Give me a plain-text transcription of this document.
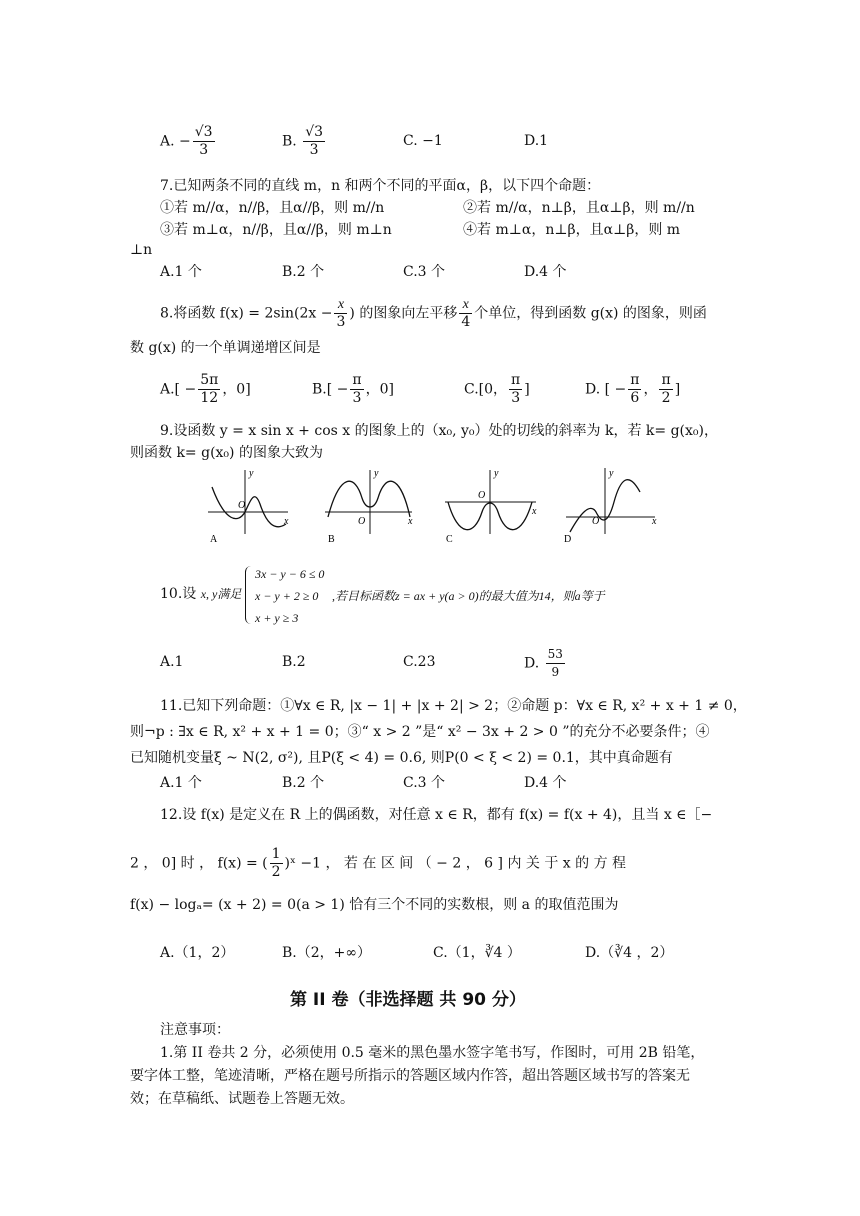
A. − $\frac{√3}{3}$	B. $\frac{√3}{3}$	C. −1	D.1
7.已知两条不同的直线 m，n 和两个不同的平面α，β，以下四个命题：
①若 m//α，n//β，且α//β，则 m//n	②若 m//α，n⊥β，且α⊥β，则 m//n
③若 m⊥α，n//β，且α//β，则 m⊥n	④若 m⊥α，n⊥β，且α⊥β，则 m
⊥n
A.1 个	B.2 个	C.3 个	D.4 个
8.将函数 $f(x) = 2\sin(2x - \frac{x}{3}$ ) 的图象向左平移 $\frac{x}{4}$ 个单位，得到函数 g(x) 的图象，则函
数 g(x) 的一个单调递增区间是
$A.[ - \frac{5\pi}{12}$ ，0]	$B.[ - \frac{\pi}{3}$ ，0]	C.[0， $\frac{\pi}{3}$ ]	D. [ − $\frac{\pi}{6}$ ， $\frac{\pi}{2}$ ]
9.设函数 y = x sin x + cos x 的图象上的（x₀, y₀）处的切线的斜率为 k，若 k= g(x₀)，
则函数 k= g(x₀) 的图象大致为
O
y
x
A
O
y
x
B
O
y
x
C
O
y
x
D
10.设 x, y满足
3x − y − 6 ≤ 0
x − y + 2 ≥ 0
x + y ≥ 3
,若目标函数z = ax + y(a > 0)的最大值为14，则a等于
A.1	B.2	C.23	D. $\frac{53}{9}$
11.已知下列命题：①∀x ∈ R, |x − 1| + |x + 2| > 2；②命题 p：∀x ∈ R, x² + x + 1 ≠ 0，
则¬p : ∃x ∈ R, x² + x + 1 = 0；③“ x > 2 ”是“ x² − 3x + 2 > 0 ”的充分不必要条件；④
已知随机变量ξ ~ N(2, σ²), 且P(ξ < 4) = 0.6, 则P(0 < ξ < 2) = 0.1，其中真命题有
A.1 个	B.2 个	C.3 个	D.4 个
12.设 f(x) 是定义在 R 上的偶函数，对任意 x ∈ R，都有 f(x) = f(x + 4)，且当 x ∈［−
2 ， 0] 时 ， f(x) = ( $\frac{1}{2}$ )ˣ −1 ， 若 在 区 间 （ − 2 ， 6 ] 内 关 于 x 的 方 程
f(x) − logₐ= (x + 2) = 0(a > 1) 恰有三个不同的实数根，则 a 的取值范围为
A.（1，2）	B.（2，+∞）	C.（1，∛4 ）	D.（∛4 ，2）
第 II 卷（非选择题 共 90 分）
注意事项：
1.第 II 卷共 2 分，必须使用 0.5 毫米的黑色墨水签字笔书写，作图时，可用 2B 铅笔，
要字体工整，笔迹清晰，严格在题号所指示的答题区域内作答，超出答题区域书写的答案无
效；在草稿纸、试题卷上答题无效。
